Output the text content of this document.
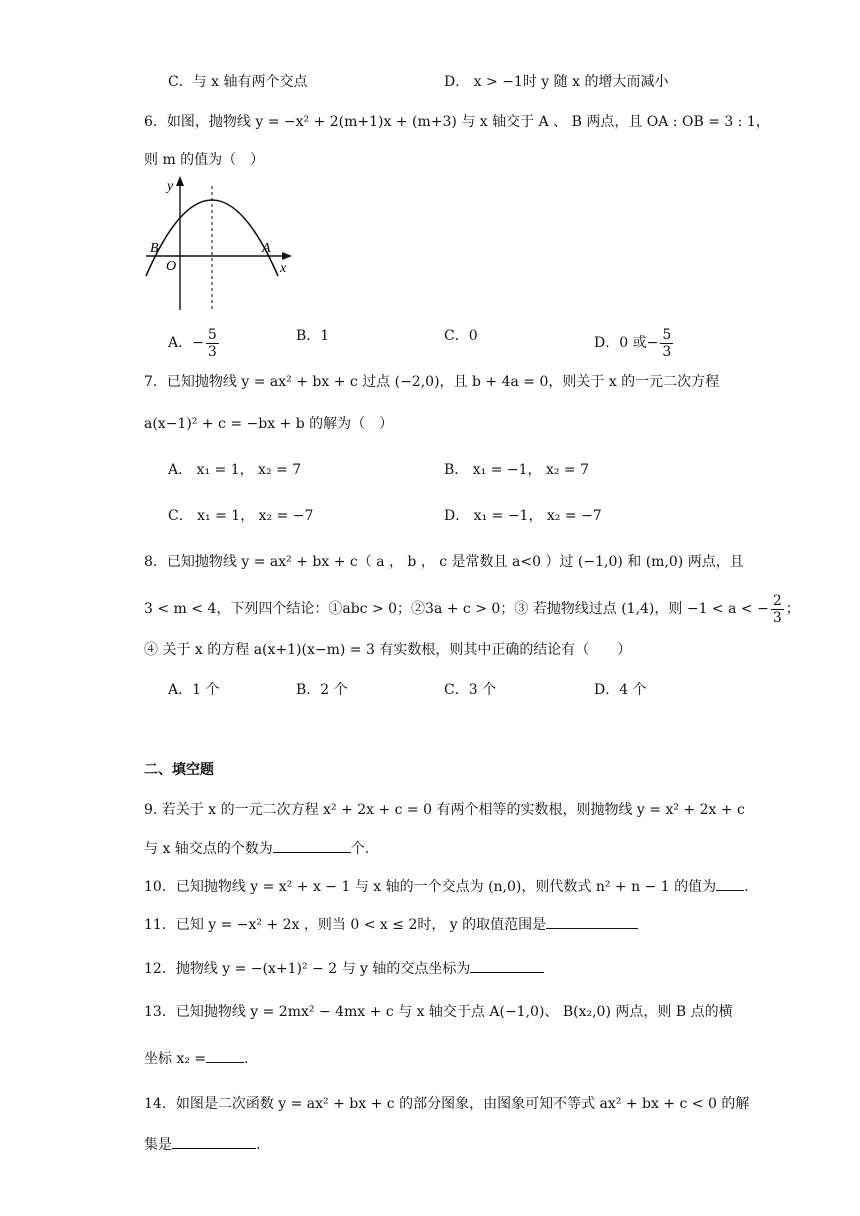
C．与 x 轴有两个交点	D． x > −1时 y 随 x 的增大而减小
6．如图，抛物线 y = −x² + 2(m+1)x + (m+3) 与 x 轴交于 A 、 B 两点，且 OA : OB = 3 : 1，
则 m 的值为（　）
y
x
O
B	A
A．− $\frac{5}{3}$	B．1	C．0	D．0 或− $\frac{5}{3}$
7．已知抛物线 y = ax² + bx + c 过点 (−2,0)，且 b + 4a = 0，则关于 x 的一元二次方程
a(x−1)² + c = −bx + b 的解为（　）
A． x₁ = 1， x₂ = 7	B． x₁ = −1， x₂ = 7
C． x₁ = 1， x₂ = −7	D． x₁ = −1， x₂ = −7
8．已知抛物线 y = ax² + bx + c（ a ， b ， c 是常数且 a<0 ）过 (−1,0) 和 (m,0) 两点，且
3 < m < 4，下列四个结论：①abc > 0；②3a + c > 0；③ 若抛物线过点 (1,4)，则 −1 < a < − $\frac{2}{3}$ ；
④ 关于 x 的方程 a(x+1)(x−m) = 3 有实数根，则其中正确的结论有（　　）
A．1 个	B．2 个	C．3 个	D．4 个
二、填空题
9. 若关于 x 的一元二次方程 x² + 2x + c = 0 有两个相等的实数根，则抛物线 y = x² + 2x + c
与 x 轴交点的个数为	个.
10．已知抛物线 y = x² + x − 1 与 x 轴的一个交点为 (n,0)，则代数式 n² + n − 1 的值为 .
11．已知 y = −x² + 2x ，则当 0 < x ≤ 2时， y 的取值范围是
12．抛物线 y = −(x+1)² − 2 与 y 轴的交点坐标为
13．已知抛物线 y = 2mx² − 4mx + c 与 x 轴交于点 A(−1,0)、 B(x₂,0) 两点，则 B 点的横
坐标 x₂ =	.
14．如图是二次函数 y = ax² + bx + c 的部分图象，由图象可知不等式 ax² + bx + c < 0 的解
集是	.
